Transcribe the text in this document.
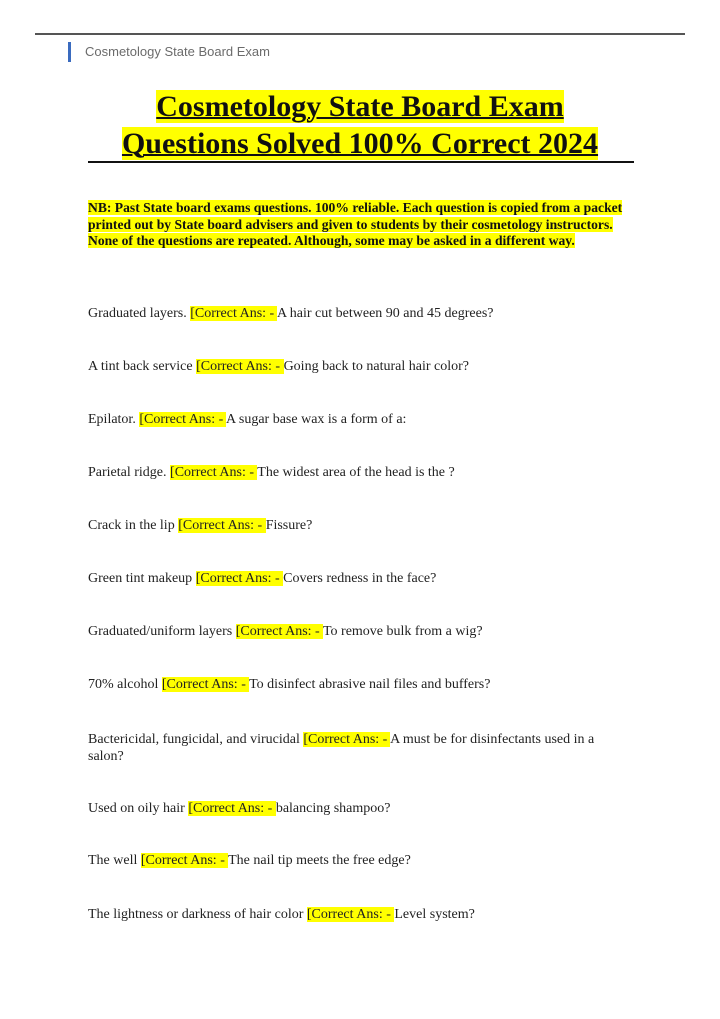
Cosmetology State Board Exam
Cosmetology State Board Exam
Questions Solved 100% Correct 2024
NB: Past State board exams questions. 100% reliable. Each question is copied from a packet printed out by State board advisers and given to students by their cosmetology instructors. None of the questions are repeated. Although, some may be asked in a different way.
Graduated layers. [Correct Ans: - A hair cut between 90 and 45 degrees?
A tint back service [Correct Ans: - Going back to natural hair color?
Epilator. [Correct Ans: - A sugar base wax is a form of a:
Parietal ridge. [Correct Ans: - The widest area of the head is the ?
Crack in the lip [Correct Ans: - Fissure?
Green tint makeup [Correct Ans: - Covers redness in the face?
Graduated/uniform layers [Correct Ans: - To remove bulk from a wig?
70% alcohol [Correct Ans: - To disinfect abrasive nail files and buffers?
Bactericidal, fungicidal, and virucidal [Correct Ans: - A must be for disinfectants used in a salon?
Used on oily hair [Correct Ans: - balancing shampoo?
The well [Correct Ans: - The nail tip meets the free edge?
The lightness or darkness of hair color [Correct Ans: - Level system?
